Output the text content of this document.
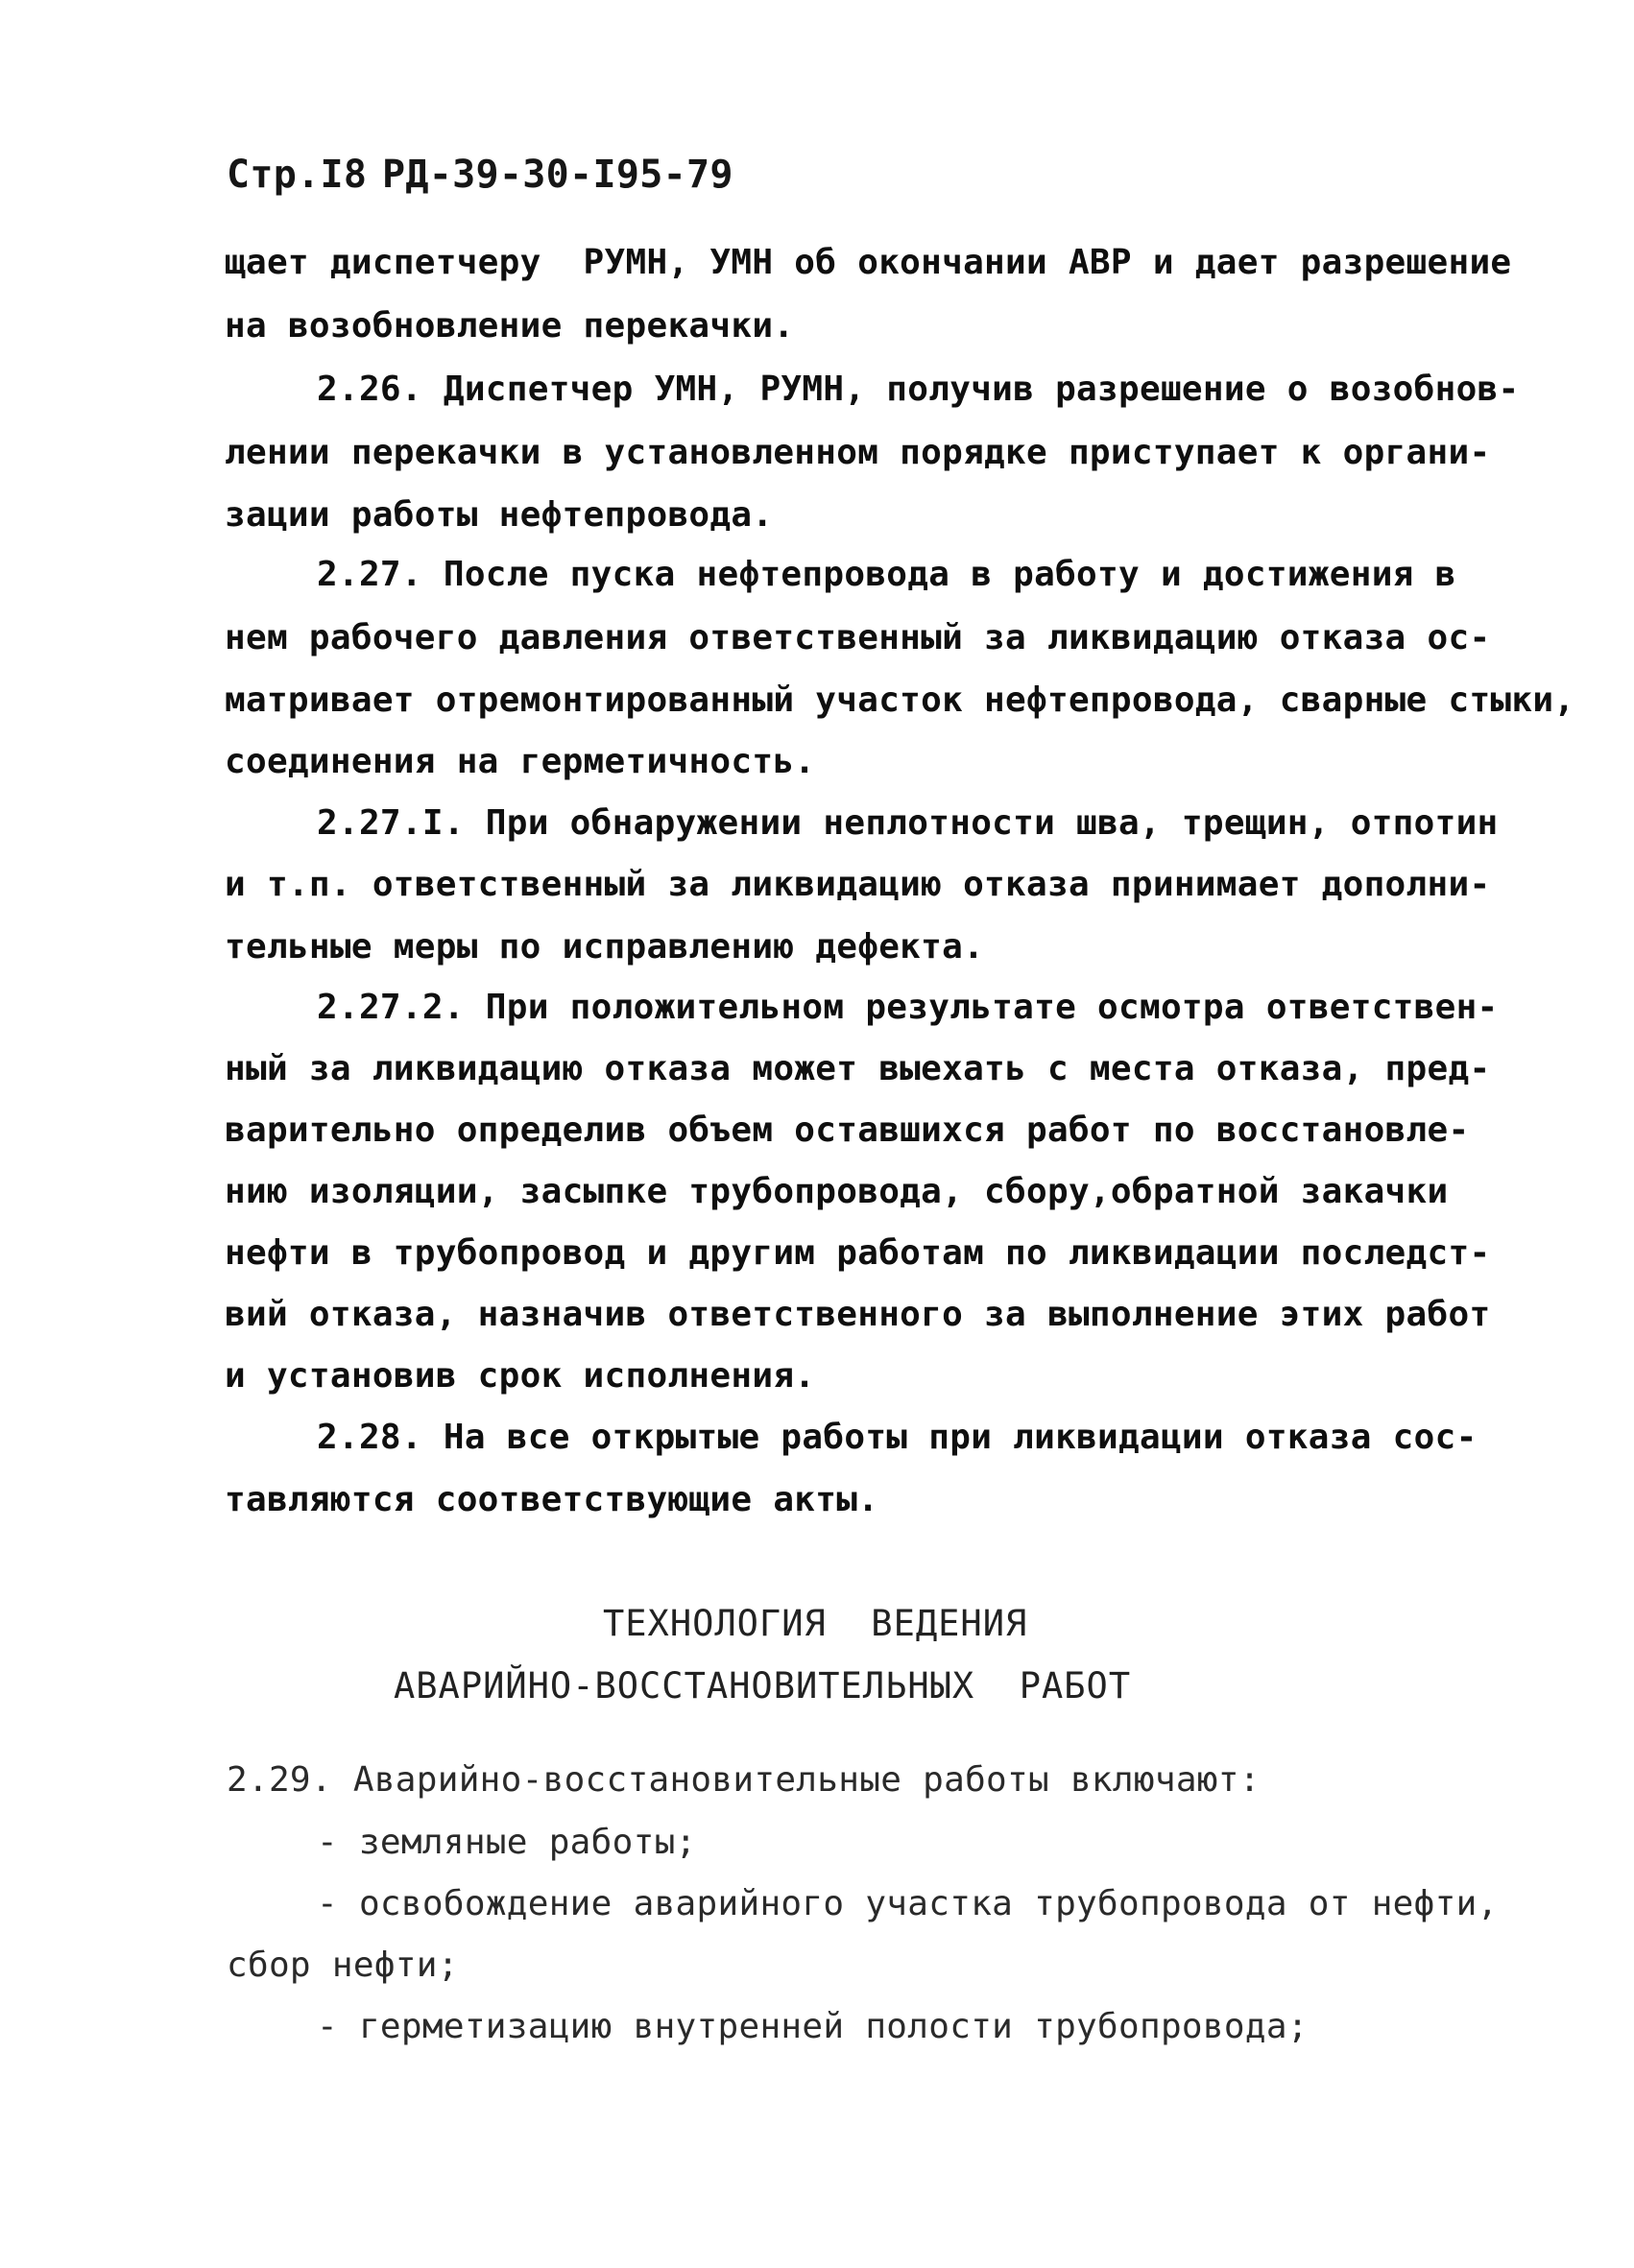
Стр.I8 РД-39-30-I95-79
щает диспетчеру  РУМН, УМН об окончании АВР и дает разрешение
на возобновление перекачки.
2.26. Диспетчер УМН, РУМН, получив разрешение о возобнов-
лении перекачки в установленном порядке приступает к органи-
зации работы нефтепровода.
2.27. После пуска нефтепровода в работу и достижения в
нем рабочего давления ответственный за ликвидацию отказа ос-
матривает отремонтированный участок нефтепровода, сварные стыки,
соединения на герметичность.
2.27.I. При обнаружении неплотности шва, трещин, отпотин
и т.п. ответственный за ликвидацию отказа принимает дополни-
тельные меры по исправлению дефекта.
2.27.2. При положительном результате осмотра ответствен-
ный за ликвидацию отказа может выехать с места отказа, пред-
варительно определив объем оставшихся работ по восстановле-
нию изоляции, засыпке трубопровода, сбору,обратной закачки
нефти в трубопровод и другим работам по ликвидации последст-
вий отказа, назначив ответственного за выполнение этих работ
и установив срок исполнения.
2.28. На все открытые работы при ликвидации отказа сос-
тавляются соответствующие акты.
ТЕХНОЛОГИЯ  ВЕДЕНИЯ
АВАРИЙНО-ВОССТАНОВИТЕЛЬНЫХ  РАБОТ
2.29. Аварийно-восстановительные работы включают:
- земляные работы;
- освобождение аварийного участка трубопровода от нефти,
сбор нефти;
- герметизацию внутренней полости трубопровода;
